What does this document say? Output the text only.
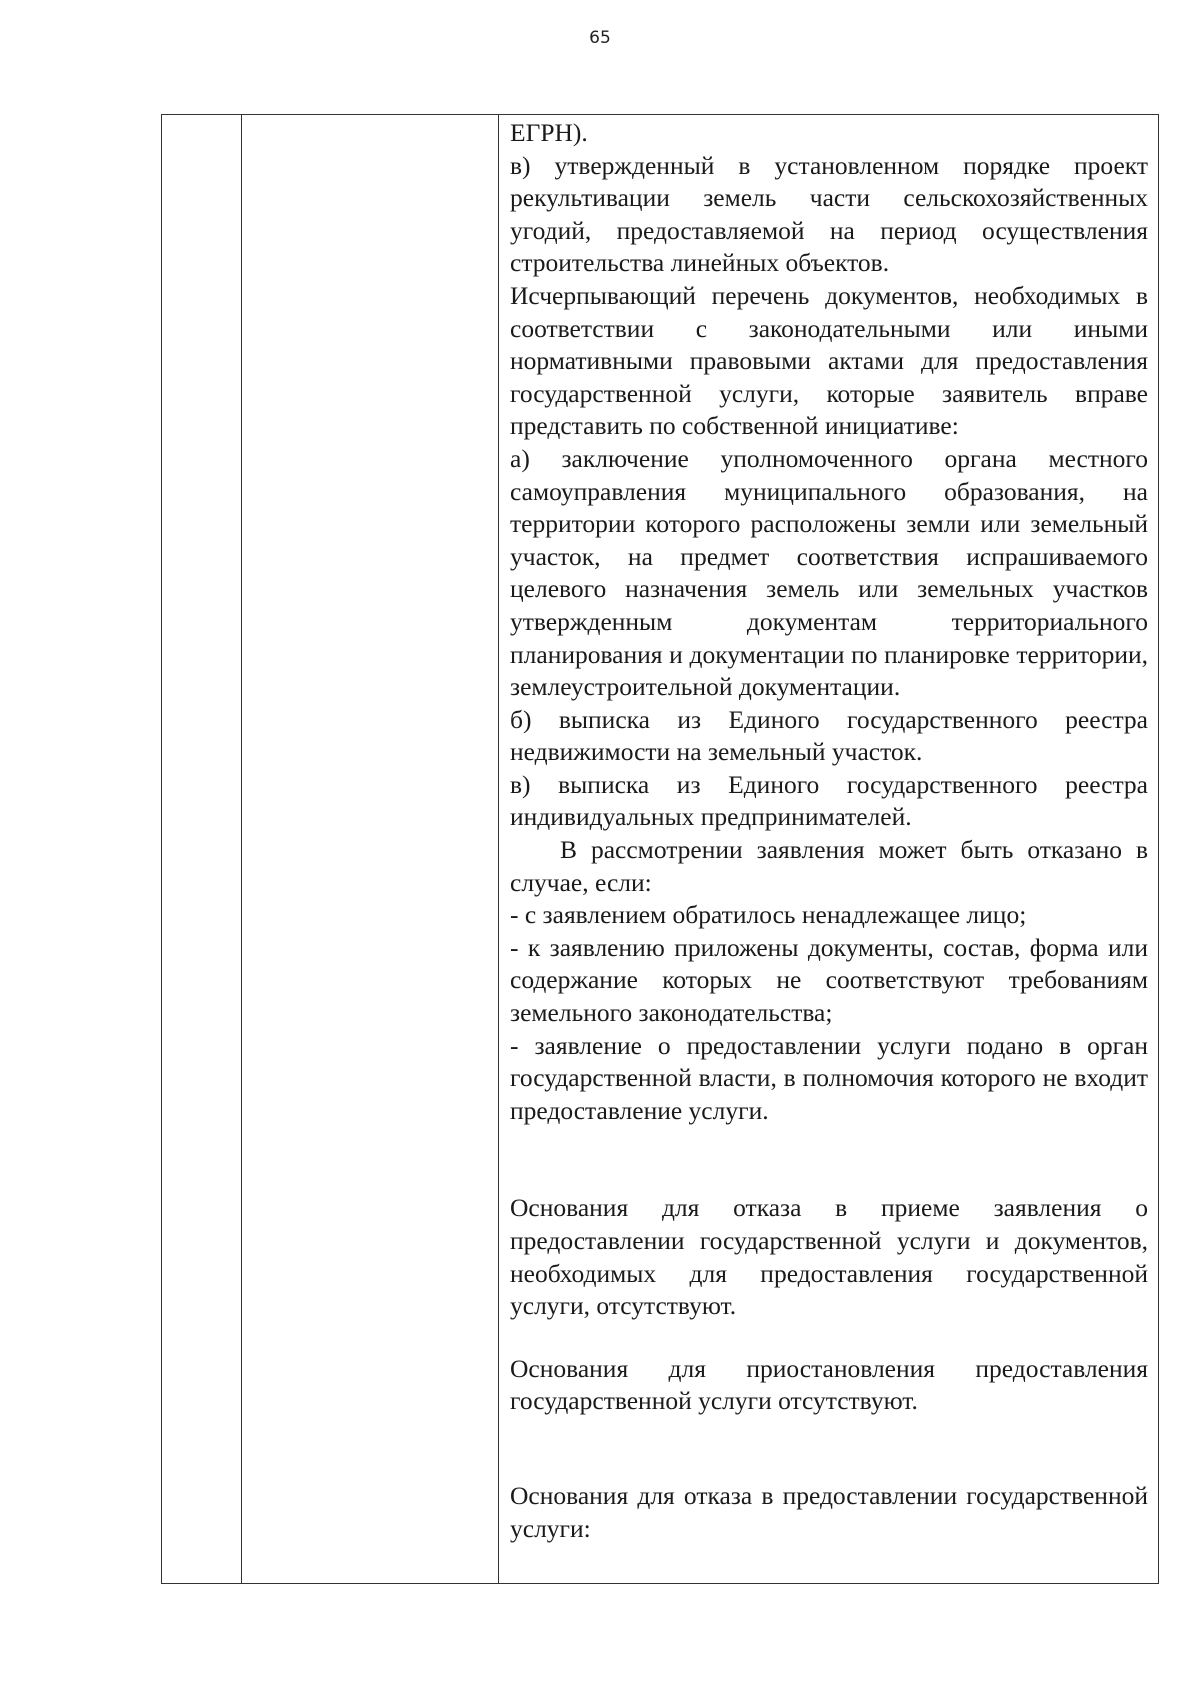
65

ЕГРН).

в) утвержденный в установленном порядке проект рекультивации земель части сельскохозяйственных угодий, предоставляемой на период осуществления строительства линейных объектов.

Исчерпывающий перечень документов, необходимых в соответствии с законодательными или иными нормативными правовыми актами для предоставления государственной услуги, которые заявитель вправе представить по собственной инициативе:

а) заключение уполномоченного органа местного самоуправления муниципального образования, на территории которого расположены земли или земельный участок, на предмет соответствия испрашиваемого целевого назначения земель или земельных участков утвержденным документам территориального планирования и документации по планировке территории, землеустроительной документации.

б) выписка из Единого государственного реестра недвижимости на земельный участок.

в) выписка из Единого государственного реестра индивидуальных предпринимателей.

В рассмотрении заявления может быть отказано в случае, если:

- с заявлением обратилось ненадлежащее лицо;

- к заявлению приложены документы, состав, форма или содержание которых не соответствуют требованиям земельного законодательства;

- заявление о предоставлении услуги подано в орган государственной власти, в полномочия которого не входит предоставление услуги.

Основания для отказа в приеме заявления о предоставлении государственной услуги и документов, необходимых для предоставления государственной услуги, отсутствуют.

Основания для приостановления предоставления государственной услуги отсутствуют.

Основания для отказа в предоставлении государственной услуги:
